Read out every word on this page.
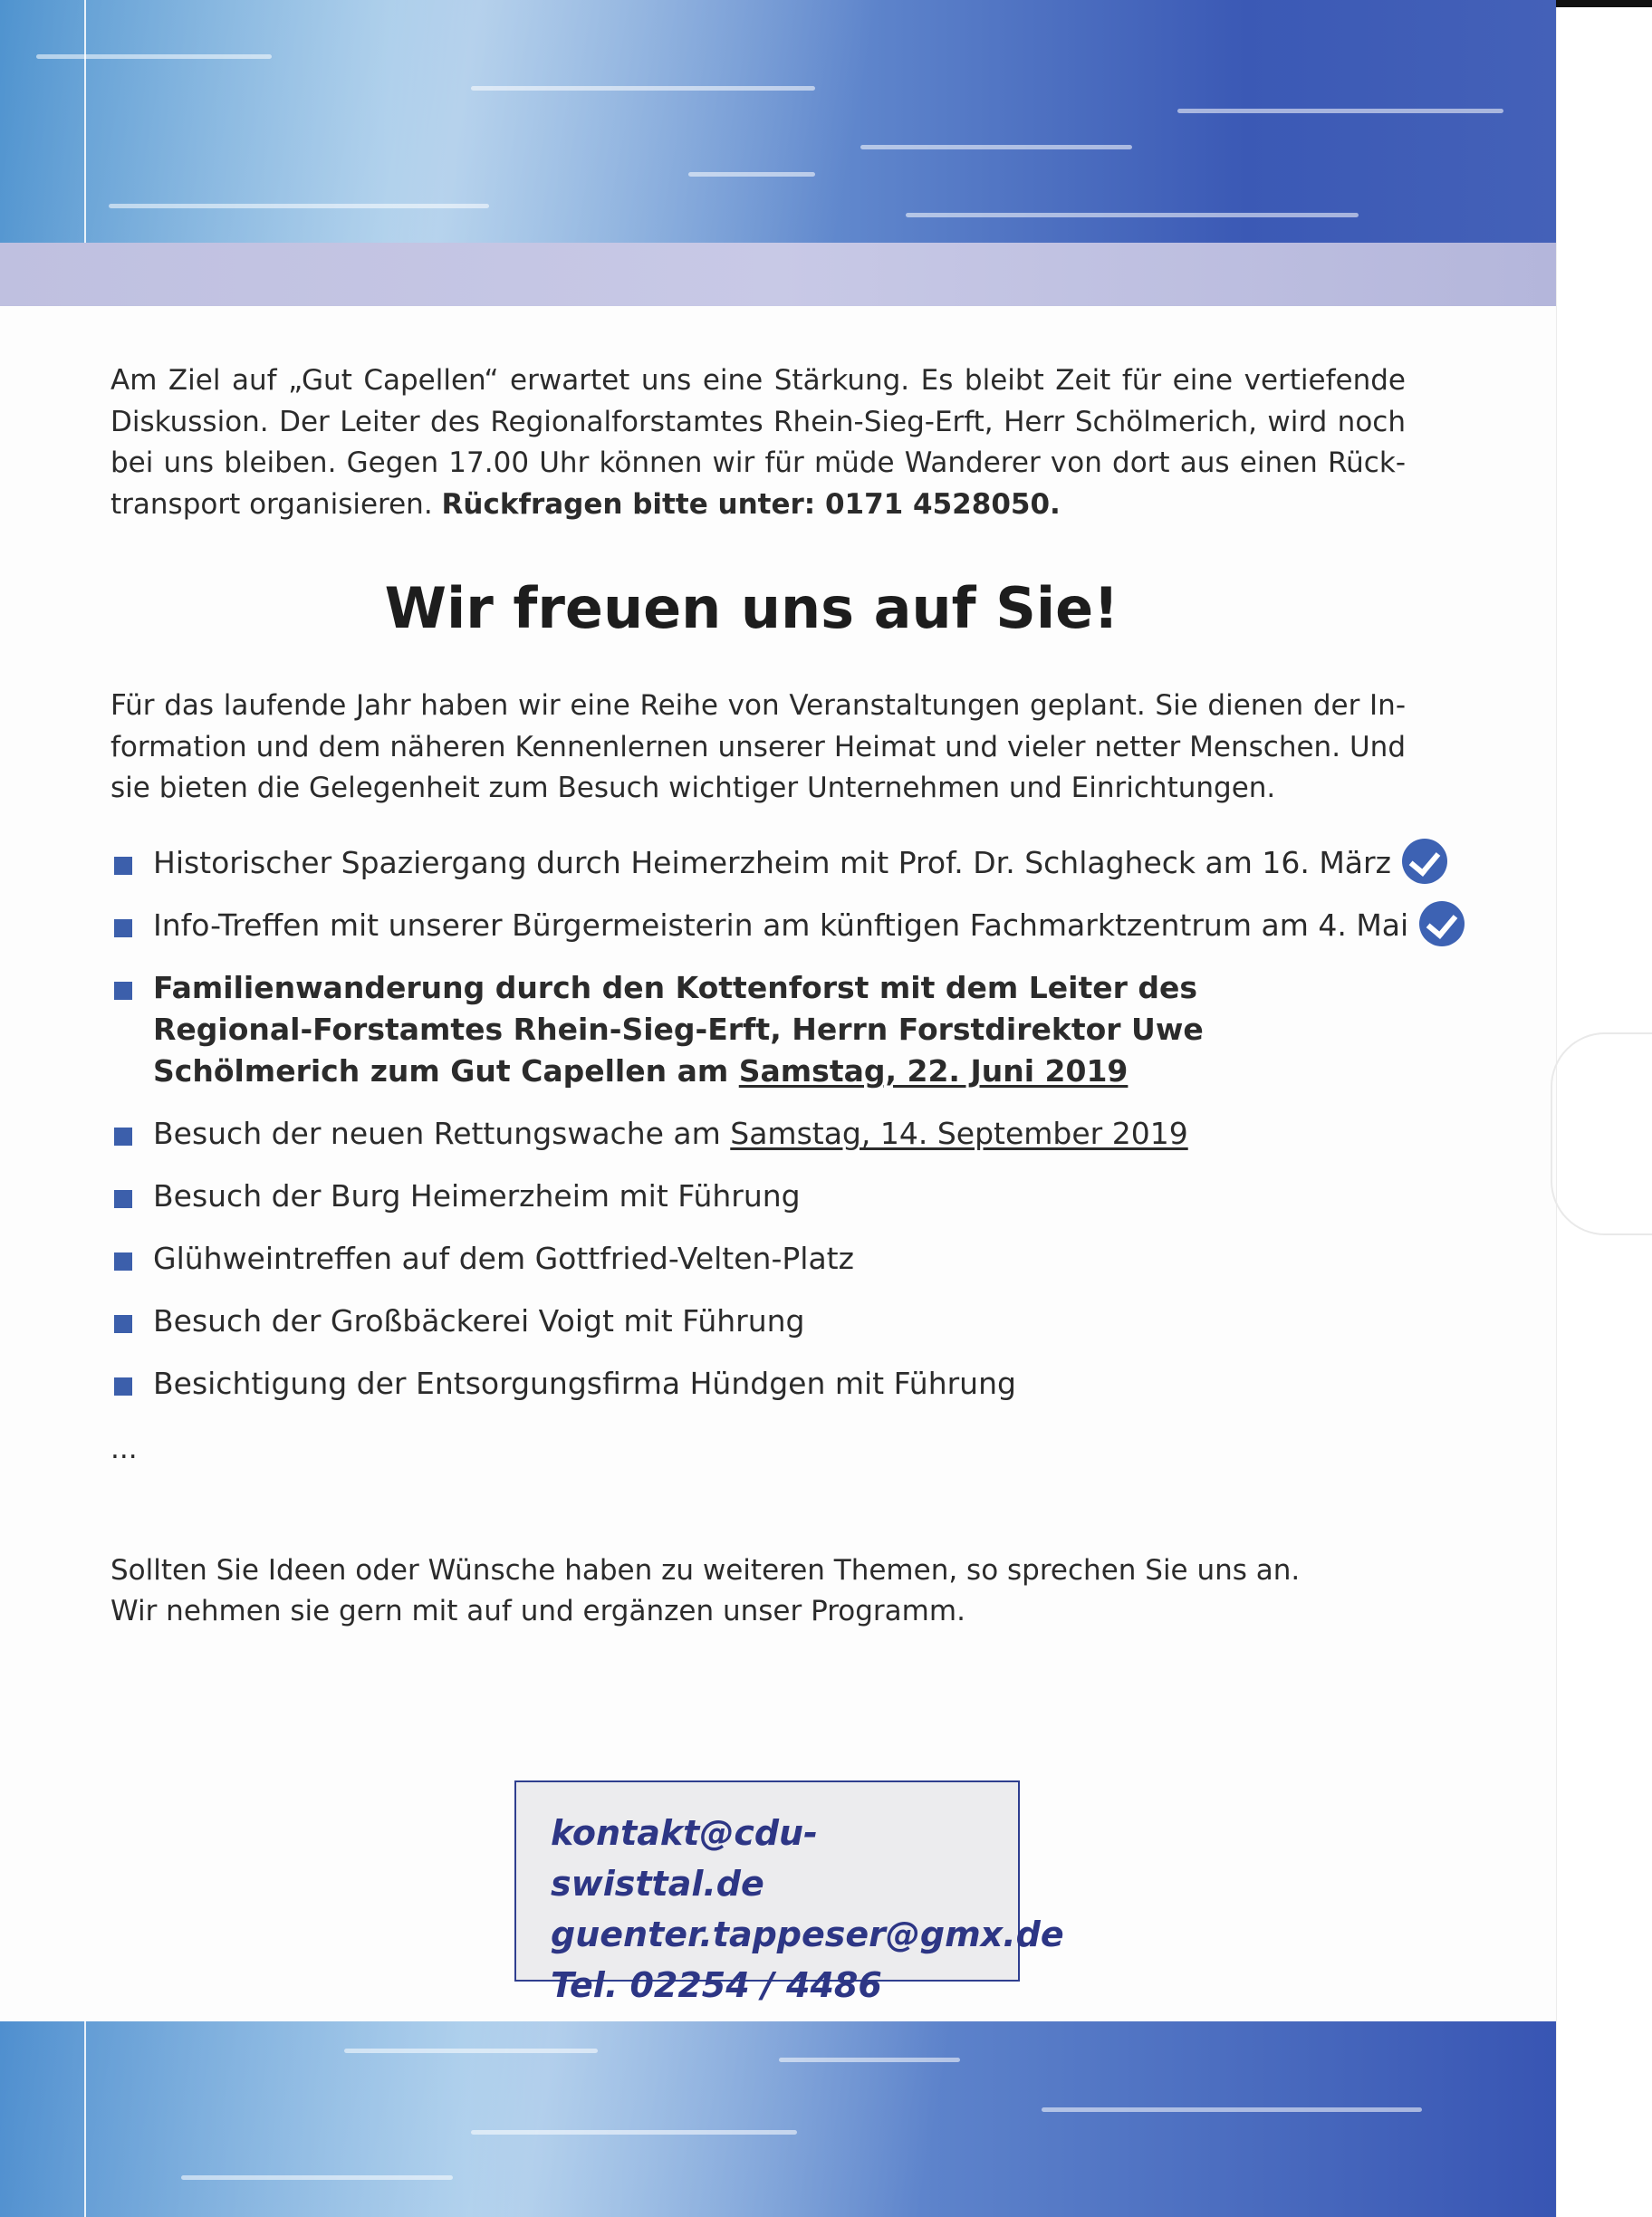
Am Ziel auf „Gut Capellen“ erwartet uns eine Stärkung. Es bleibt Zeit für eine vertiefende Diskussion. Der Leiter des Regionalforstamtes Rhein-Sieg-Erft, Herr Schölmerich, wird noch bei uns bleiben. Gegen 17.00 Uhr können wir für müde Wanderer von dort aus einen Rücktransport organisieren. Rückfragen bitte unter: 0171 4528050.

Wir freuen uns auf Sie!

Für das laufende Jahr haben wir eine Reihe von Veranstaltungen geplant. Sie dienen der Information und dem näheren Kennenlernen unserer Heimat und vieler netter Menschen. Und sie bieten die Gelegenheit zum Besuch wichtiger Unternehmen und Einrichtungen.

Historischer Spaziergang durch Heimerzheim mit Prof. Dr. Schlagheck am 16. März
Info-Treffen mit unserer Bürgermeisterin am künftigen Fachmarktzentrum am 4. Mai
Familienwanderung durch den Kottenforst mit dem Leiter des Regional-Forstamtes Rhein-Sieg-Erft, Herrn Forstdirektor Uwe Schölmerich zum Gut Capellen am Samstag, 22. Juni 2019
Besuch der neuen Rettungswache am Samstag, 14. September 2019
Besuch der Burg Heimerzheim mit Führung
Glühweintreffen auf dem Gottfried-Velten-Platz
Besuch der Großbäckerei Voigt mit Führung
Besichtigung der Entsorgungsfirma Hündgen mit Führung
...

Sollten Sie Ideen oder Wünsche haben zu weiteren Themen, so sprechen Sie uns an.
Wir nehmen sie gern mit auf und ergänzen unser Programm.

kontakt@cdu-swisttal.de
guenter.tappeser@gmx.de
Tel. 02254 / 4486
